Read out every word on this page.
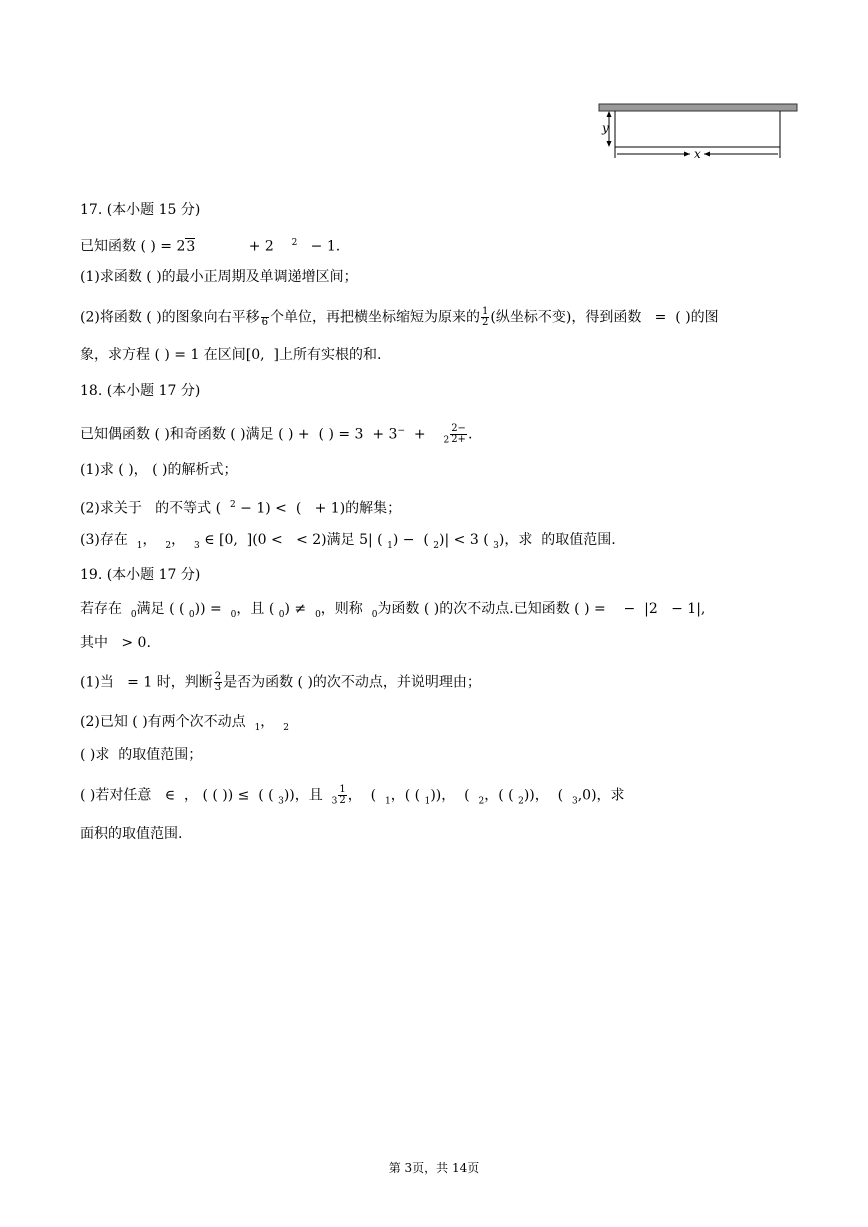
y
x
17. (本小题 15 分)
已知函数 ( ) = 23            + 2    $^2$   − 1.
(1)求函数 ( )的最小正周期及单调递增区间；
(2)将函数 ( )的图象向右平移
6 个单位，再把横坐标缩短为原来的 $\frac{1}{2}$ (纵坐标不变)，得到函数   =  ( )的图
象，求方程 ( ) = 1 在区间[0,  ]上所有实根的和.
18. (本小题 17 分)
已知偶函数 ( )和奇函数 ( )满足 ( ) +  ( ) = 3  + 3−  +    $_2 \frac{2-}{2+}$ .
(1)求 ( )， ( )的解析式；
(2)求关于   的不等式 (  $^2$ − 1) <  (   + 1)的解集；
(3)存在  $_1$，  $_2$，  $_3$ ∈ [0,  ](0 <   < 2)满足 5| ( $_1$) −  ( $_2$)| < 3 ( $_3$)，求  的取值范围.
19. (本小题 17 分)
若存在  $_0$满足 ( ( $_0$)) =  $_0$，且 ( $_0$) ≠  $_0$，则称  $_0$为函数 ( )的次不动点.已知函数 ( ) =    −  |2   − 1|,
其中   > 0.
(1)当   = 1 时，判断 $\frac{2}{3}$ 是否为函数 ( )的次不动点，并说明理由；
(2)已知 ( )有两个次不动点  $_1$，  $_2$
( )求  的取值范围；
( )若对任意   ∈  ， ( ( )) ≤  ( ( $_3$))，且  $_3 \frac{1}{2}$ ，  (  $_1$，( ( $_1$))，  (  $_2$，( ( $_2$))，  (  $_3$,0)，求
面积的取值范围.
第 3页，共 14页
